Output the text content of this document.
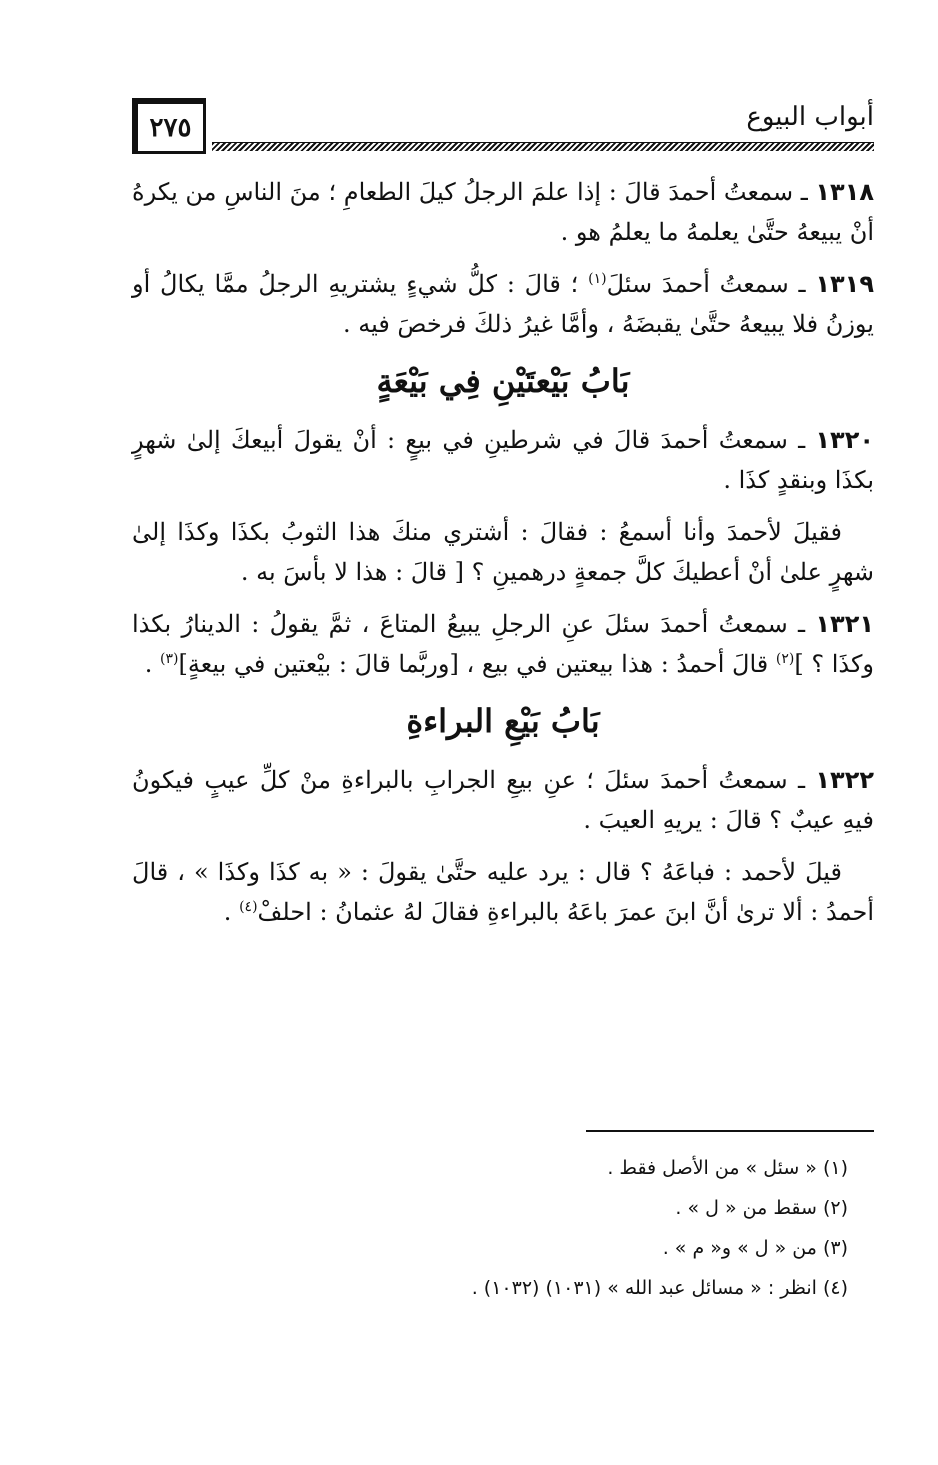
٢٧٥	أبواب البيوع

١٣١٨ ـ سمعتُ أحمدَ قالَ : إذا علمَ الرجلُ كيلَ الطعامِ ؛ منَ الناسِ من يكرهُ أنْ يبيعهُ حتَّىٰ يعلمهُ ما يعلمُ هو .

١٣١٩ ـ سمعتُ أحمدَ سئلَ$^{(١)}$ ؛ قالَ : كلُّ شيءٍ يشتريهِ الرجلُ ممَّا يكالُ أو يوزنُ فلا يبيعهُ حتَّىٰ يقبضَهُ ، وأمَّا غيرُ ذلكَ فرخصَ فيه .

بَابُ بَيْعتَيْنِ فِي بَيْعَةٍ

١٣٢٠ ـ سمعتُ أحمدَ قالَ في شرطينِ في بيعٍ : أنْ يقولَ أبيعكَ إلىٰ شهرٍ بكذَا وبنقدٍ كذَا .

فقيلَ لأحمدَ وأنا أسمعُ : فقالَ : أشتري منكَ هذا الثوبُ بكذَا وكذَا إلىٰ شهرٍ علىٰ أنْ أعطيكَ كلَّ جمعةٍ درهمينِ ؟ [ قالَ : هذا لا بأسَ به .

١٣٢١ ـ سمعتُ أحمدَ سئلَ عنِ الرجلِ يبيعُ المتاعَ ، ثمَّ يقولُ : الدينارُ بكذا وكذَا ؟ ]$^{(٢)}$ قالَ أحمدُ : هذا بيعتين في بيع ، [وربَّما قالَ : بيْعتين في بيعةٍ]$^{(٣)}$ .

بَابُ بَيْعِ البراءةِ

١٣٢٢ ـ سمعتُ أحمدَ سئلَ ؛ عنِ بيعِ الجرابِ بالبراءةِ منْ كلِّ عيبٍ فيكونُ فيهِ عيبٌ ؟ قالَ : يريهِ العيبَ .

قيلَ لأحمد : فباعَهُ ؟ قال : يرد عليه حتَّىٰ يقولَ : « به كذَا وكذَا » ، قالَ أحمدُ : ألا ترىٰ أنَّ ابنَ عمرَ باعَهُ بالبراءةِ فقالَ لهُ عثمانُ : احلفْ$^{(٤)}$ .

(١) « سئل » من الأصل فقط .

(٢) سقط من « ل » .

(٣) من « ل » و« م » .

(٤) انظر : « مسائل عبد الله » (١٠٣١) (١٠٣٢) .
